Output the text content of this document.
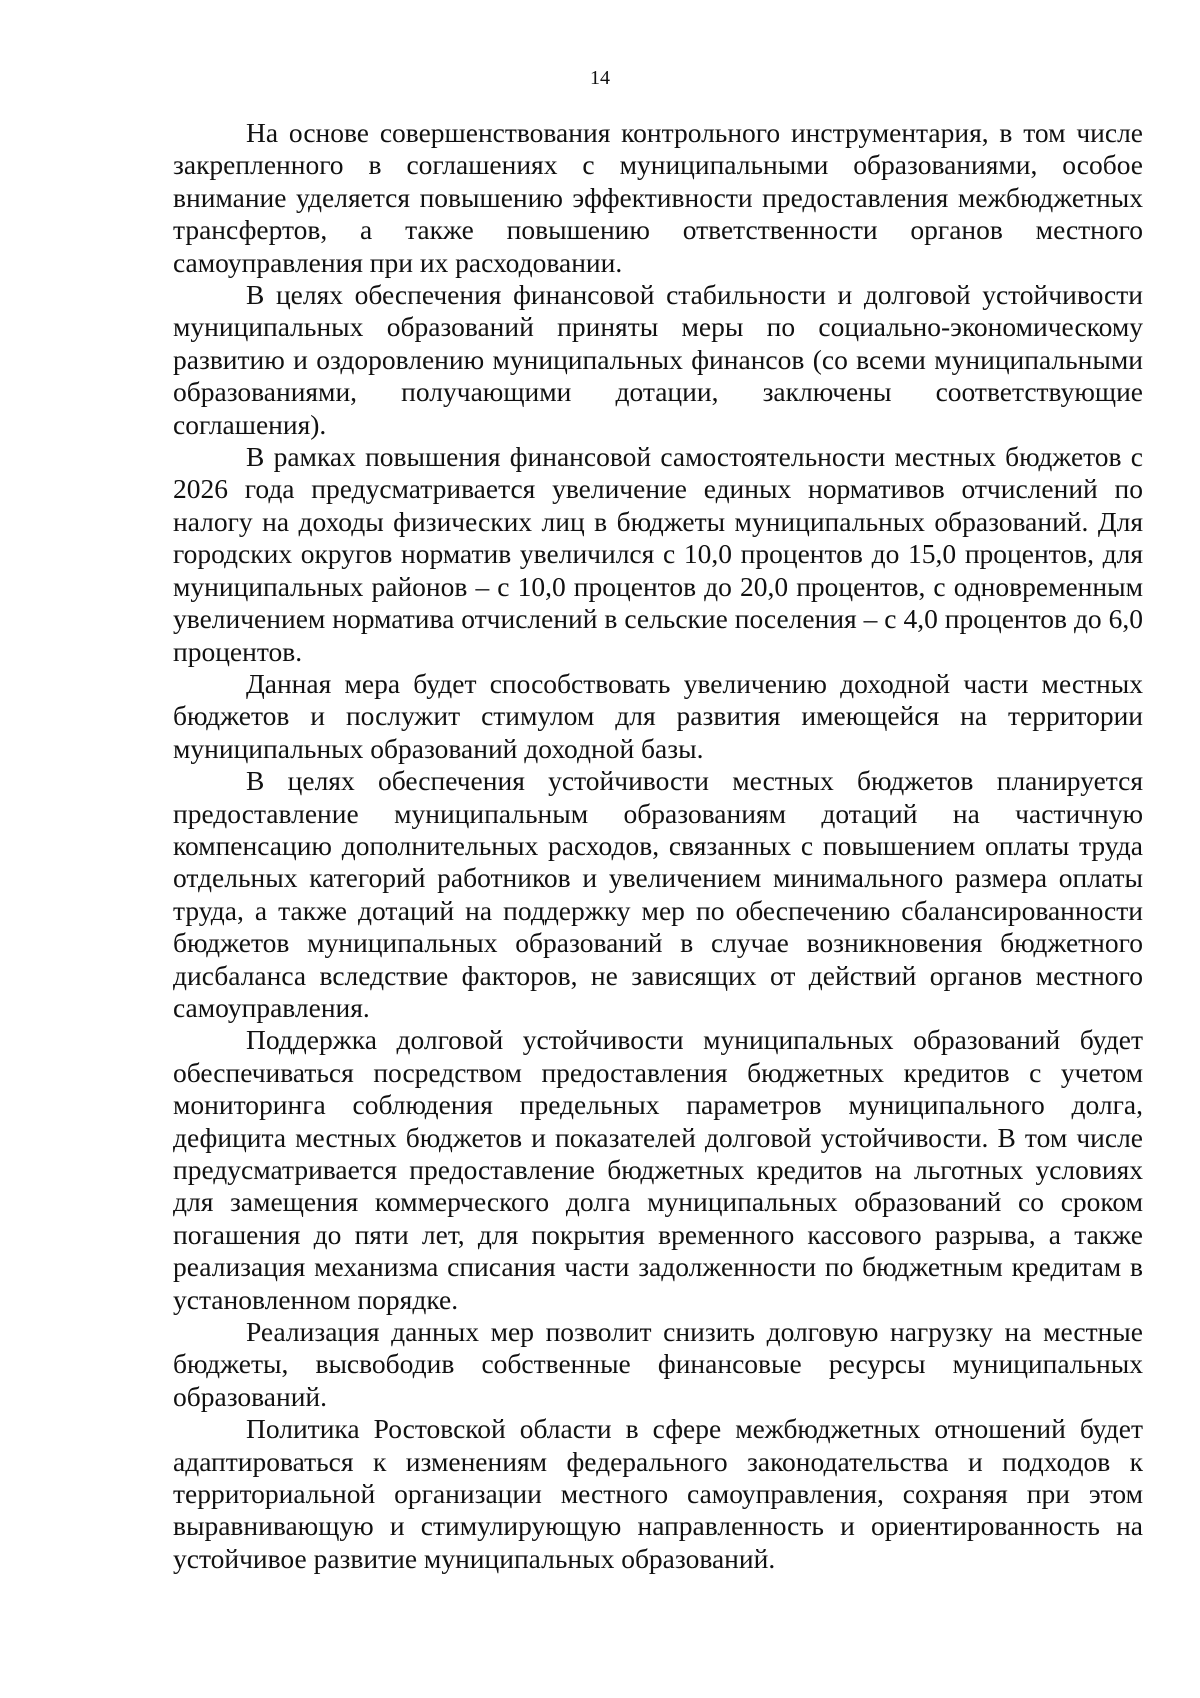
14

На основе совершенствования контрольного инструментария, в том числе закрепленного в соглашениях с муниципальными образованиями, особое внимание уделяется повышению эффективности предоставления межбюджетных трансфертов, а также повышению ответственности органов местного самоуправления при их расходовании.

В целях обеспечения финансовой стабильности и долговой устойчивости муниципальных образований приняты меры по социально-экономическому развитию и оздоровлению муниципальных финансов (со всеми муниципальными образованиями, получающими дотации, заключены соответствующие соглашения).

В рамках повышения финансовой самостоятельности местных бюджетов с 2026 года предусматривается увеличение единых нормативов отчислений по налогу на доходы физических лиц в бюджеты муниципальных образований. Для городских округов норматив увеличился с 10,0 процентов до 15,0 процентов, для муниципальных районов – с 10,0 процентов до 20,0 процентов, с одновременным увеличением норматива отчислений в сельские поселения – с 4,0 процентов до 6,0 процентов.

Данная мера будет способствовать увеличению доходной части местных бюджетов и послужит стимулом для развития имеющейся на территории муниципальных образований доходной базы.

В целях обеспечения устойчивости местных бюджетов планируется предоставление муниципальным образованиям дотаций на частичную компенсацию дополнительных расходов, связанных с повышением оплаты труда отдельных категорий работников и увеличением минимального размера оплаты труда, а также дотаций на поддержку мер по обеспечению сбалансированности бюджетов муниципальных образований в случае возникновения бюджетного дисбаланса вследствие факторов, не зависящих от действий органов местного самоуправления.

Поддержка долговой устойчивости муниципальных образований будет обеспечиваться посредством предоставления бюджетных кредитов с учетом мониторинга соблюдения предельных параметров муниципального долга, дефицита местных бюджетов и показателей долговой устойчивости. В том числе предусматривается предоставление бюджетных кредитов на льготных условиях для замещения коммерческого долга муниципальных образований со сроком погашения до пяти лет, для покрытия временного кассового разрыва, а также реализация механизма списания части задолженности по бюджетным кредитам в установленном порядке.

Реализация данных мер позволит снизить долговую нагрузку на местные бюджеты, высвободив собственные финансовые ресурсы муниципальных образований.

Политика Ростовской области в сфере межбюджетных отношений будет адаптироваться к изменениям федерального законодательства и подходов к территориальной организации местного самоуправления, сохраняя при этом выравнивающую и стимулирующую направленность и ориентированность на устойчивое развитие муниципальных образований.
